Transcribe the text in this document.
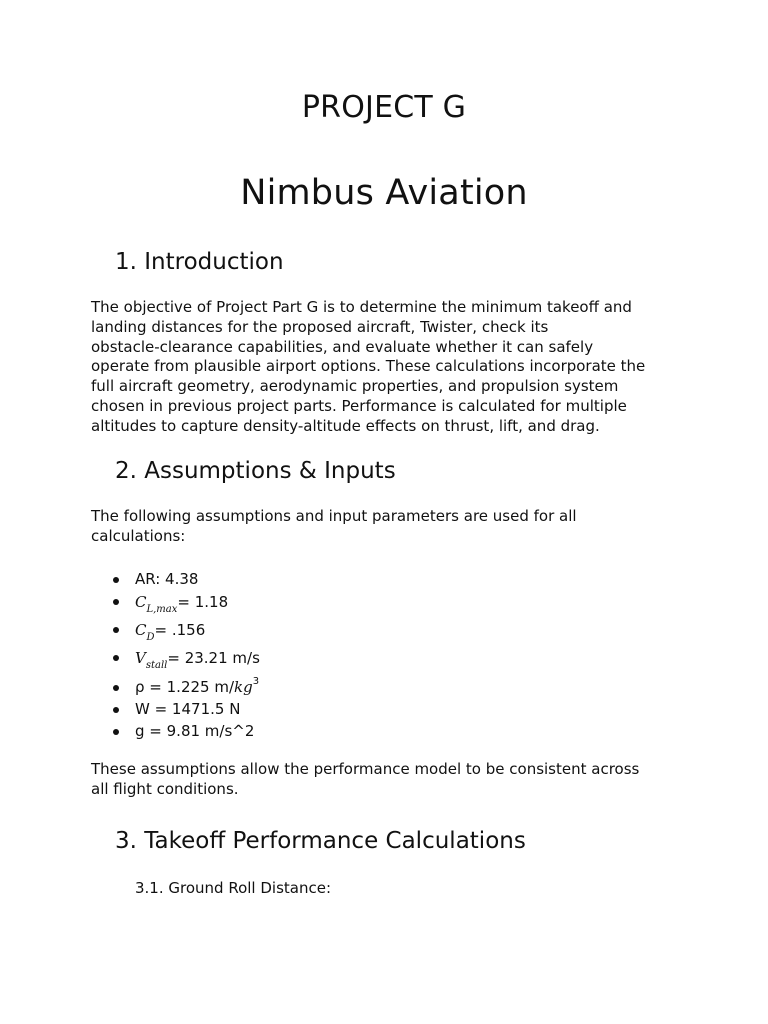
PROJECT G
Nimbus Aviation
1. Introduction

The objective of Project Part G is to determine the minimum takeoff and
landing distances for the proposed aircraft, Twister, check its
obstacle-clearance capabilities, and evaluate whether it can safely
operate from plausible airport options. These calculations incorporate the
full aircraft geometry, aerodynamic properties, and propulsion system
chosen in previous project parts. Performance is calculated for multiple
altitudes to capture density-altitude effects on thrust, lift, and drag.

2. Assumptions & Inputs

The following assumptions and input parameters are used for all
calculations:

AR: 4.38
$C_{L,max}= 1.18$
$C_D= .156$
$V_{stall}= 23.21$ m/s
ρ = 1.225 $m/kg^3$
W = 1471.5 N
g = 9.81 m/s^2

These assumptions allow the performance model to be consistent across
all flight conditions.

3. Takeoff Performance Calculations

3.1. Ground Roll Distance:
